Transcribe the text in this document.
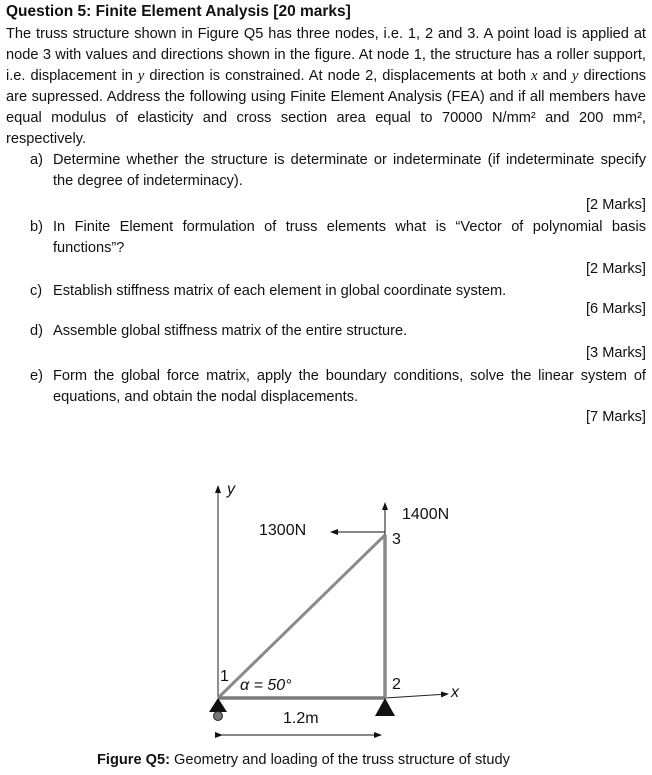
Question 5: Finite Element Analysis [20 marks]
The truss structure shown in Figure Q5 has three nodes, i.e. 1, 2 and 3. A point load is applied at node 3 with values and directions shown in the figure. At node 1, the structure has a roller support, i.e. displacement in y direction is constrained. At node 2, displacements at both x and y directions are supressed. Address the following using Finite Element Analysis (FEA) and if all members have equal modulus of elasticity and cross section area equal to 70000 N/mm² and 200 mm², respectively.
a) Determine whether the structure is determinate or indeterminate (if indeterminate specify the degree of indeterminacy).
[2 Marks]
b) In Finite Element formulation of truss elements what is “Vector of polynomial basis functions”?
[2 Marks]
c) Establish stiffness matrix of each element in global coordinate system.
[6 Marks]
d) Assemble global stiffness matrix of the entire structure.
[3 Marks]
e) Form the global force matrix, apply the boundary conditions, solve the linear system of equations, and obtain the nodal displacements.
[7 Marks]
y
x
1400N
1300N
3
1	2
α = 50°
1.2m
Figure Q5: Geometry and loading of the truss structure of study
